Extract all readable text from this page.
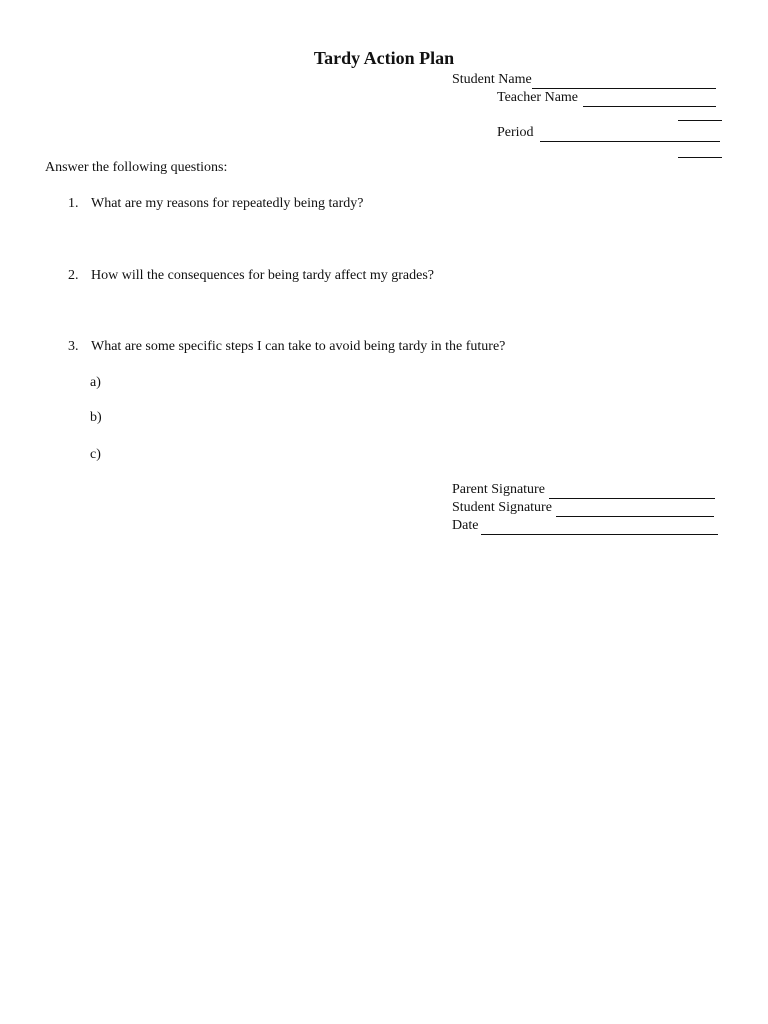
Tardy Action Plan
Student Name
Teacher Name
Period
Answer the following questions:
1. What are my reasons for repeatedly being tardy?
2. How will the consequences for being tardy affect my grades?
3. What are some specific steps I can take to avoid being tardy in the future?
a)
b)
c)
Parent Signature
Student Signature
Date
